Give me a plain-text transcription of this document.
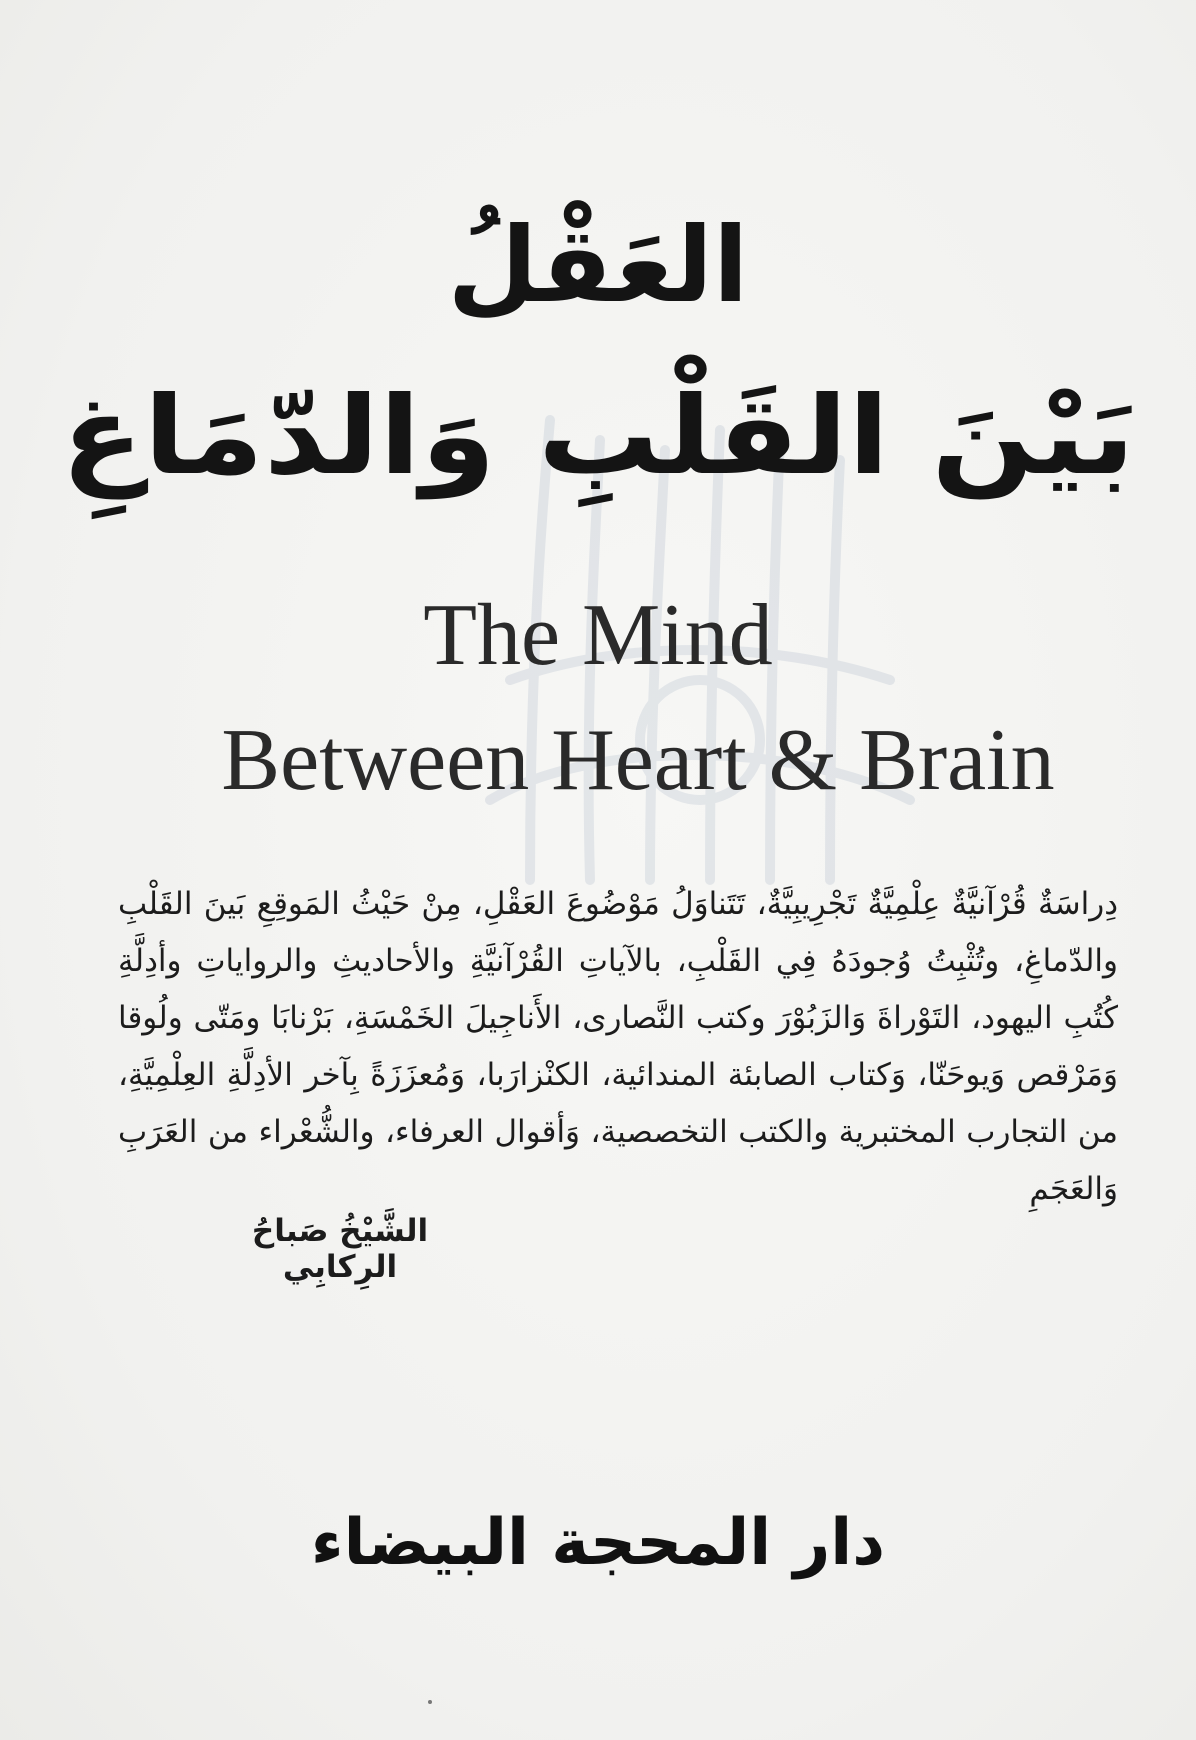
العَقْلُ
بَيْنَ القَلْبِ وَالدّمَاغِ
The Mind
Between Heart & Brain
دِراسَةٌ قُرْآنيَّةٌ عِلْمِيَّةٌ تَجْرِيبِيَّةٌ، تَتَناوَلُ مَوْضُوعَ العَقْلِ، مِنْ حَيْثُ المَوقِعِ بَينَ القَلْبِ والدّماغِ، وتُثْبِتُ وُجودَهُ فِي القَلْبِ، بالآياتِ القُرْآنيَّةِ والأحاديثِ والرواياتِ وأدِلَّةِ كُتُبِ اليهود، التَوْراةَ وَالزَبُوْرَ وكتب النَّصارى، الأَناجِيلَ الخَمْسَةِ، بَرْنابَا ومَتّى ولُوقا وَمَرْقص وَيوحَنّا، وَكتاب الصابئة المندائية، الكنْزارَبا، وَمُعزَزَةً بِآخر الأدِلَّةِ العِلْمِيَّةِ، من التجارب المختبرية والكتب التخصصية، وَأقوال العرفاء، والشُّعْراء من العَرَبِ وَالعَجَمِ
الشَّيْخُ صَباحُ الرِكابِي
دار المحجة البيضاء
